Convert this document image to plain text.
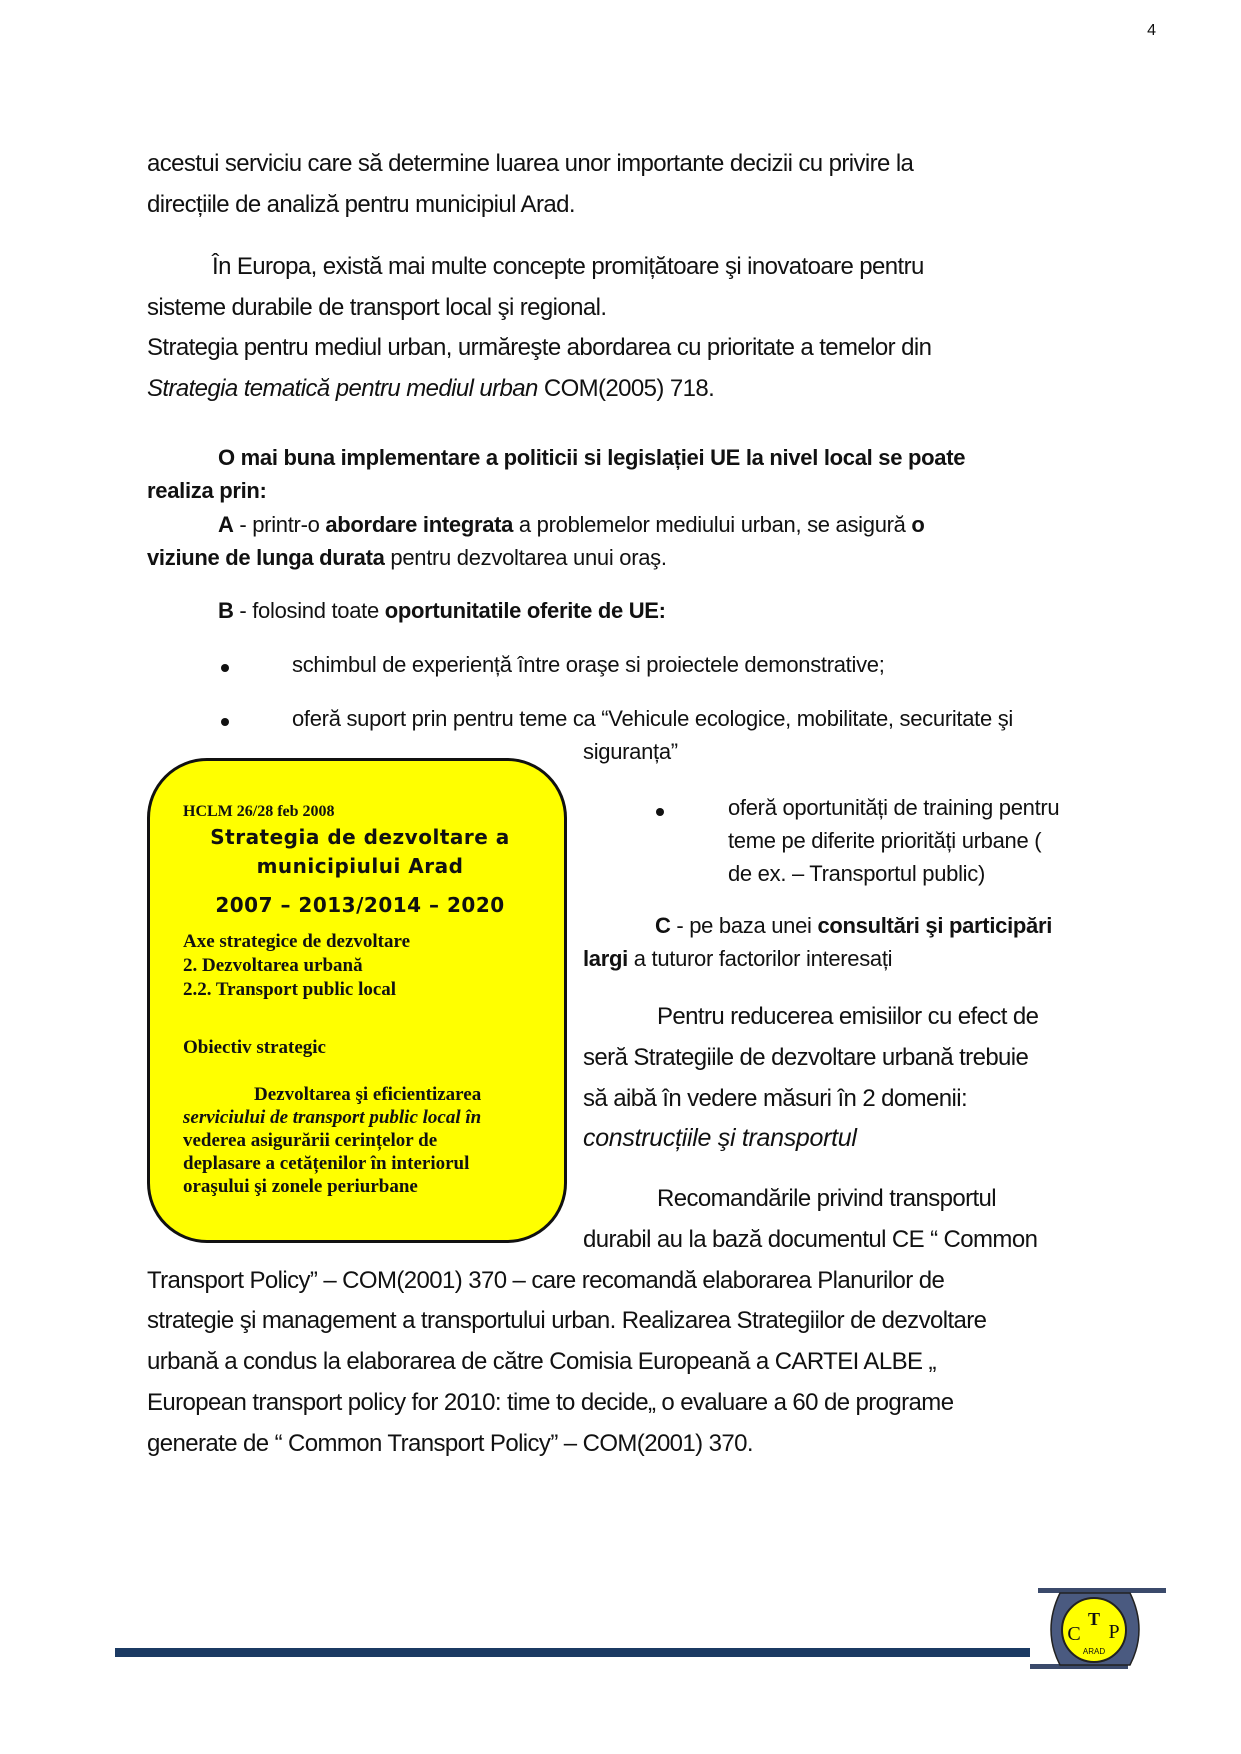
4
acestui serviciu care să determine luarea unor importante decizii cu privire la
direcțiile de analiză pentru municipiul Arad.
În Europa, există mai multe concepte promițătoare şi inovatoare pentru
sisteme durabile de transport local şi regional.
Strategia pentru mediul urban, urmăreşte abordarea cu prioritate a temelor din
Strategia tematică pentru mediul urban COM(2005) 718.
O mai buna implementare a politicii si legislației UE la nivel local se poate
realiza prin:
A - printr-o abordare integrata a problemelor mediului urban, se asigură o
viziune de lunga durata pentru dezvoltarea unui oraş.
B - folosind toate oportunitatile oferite de UE:
schimbul de experiență între oraşe si proiectele demonstrative;
oferă suport prin pentru teme ca “Vehicule ecologice, mobilitate, securitate şi
siguranța”
oferă oportunități de training pentru
teme pe diferite priorități urbane (
de ex. – Transportul public)
C - pe baza unei consultări şi participări
largi a tuturor factorilor interesați
Pentru reducerea emisiilor cu efect de
seră Strategiile de dezvoltare urbană trebuie
să aibă în vedere măsuri în 2 domenii:
construcțiile şi transportul
Recomandările privind transportul
durabil au la bază documentul CE “ Common
Transport Policy” – COM(2001) 370 – care recomandă elaborarea Planurilor de
strategie şi management a transportului urban. Realizarea Strategiilor de dezvoltare
urbană a condus la elaborarea de către Comisia Europeană a CARTEI ALBE „
European transport policy for 2010: time to decide„ o evaluare a 60 de programe
generate de “ Common Transport Policy” – COM(2001) 370.
HCLM 26/28 feb 2008
Strategia de dezvoltare a
municipiului Arad
2007 – 2013/2014 – 2020
Axe strategice de dezvoltare
2. Dezvoltarea urbană
2.2. Transport public local
Obiectiv strategic
Dezvoltarea şi eficientizarea
serviciului de transport public local în
vederea asigurării cerințelor de
deplasare a cetățenilor în interiorul
oraşului şi zonele periurbane
T
C P
ARAD
